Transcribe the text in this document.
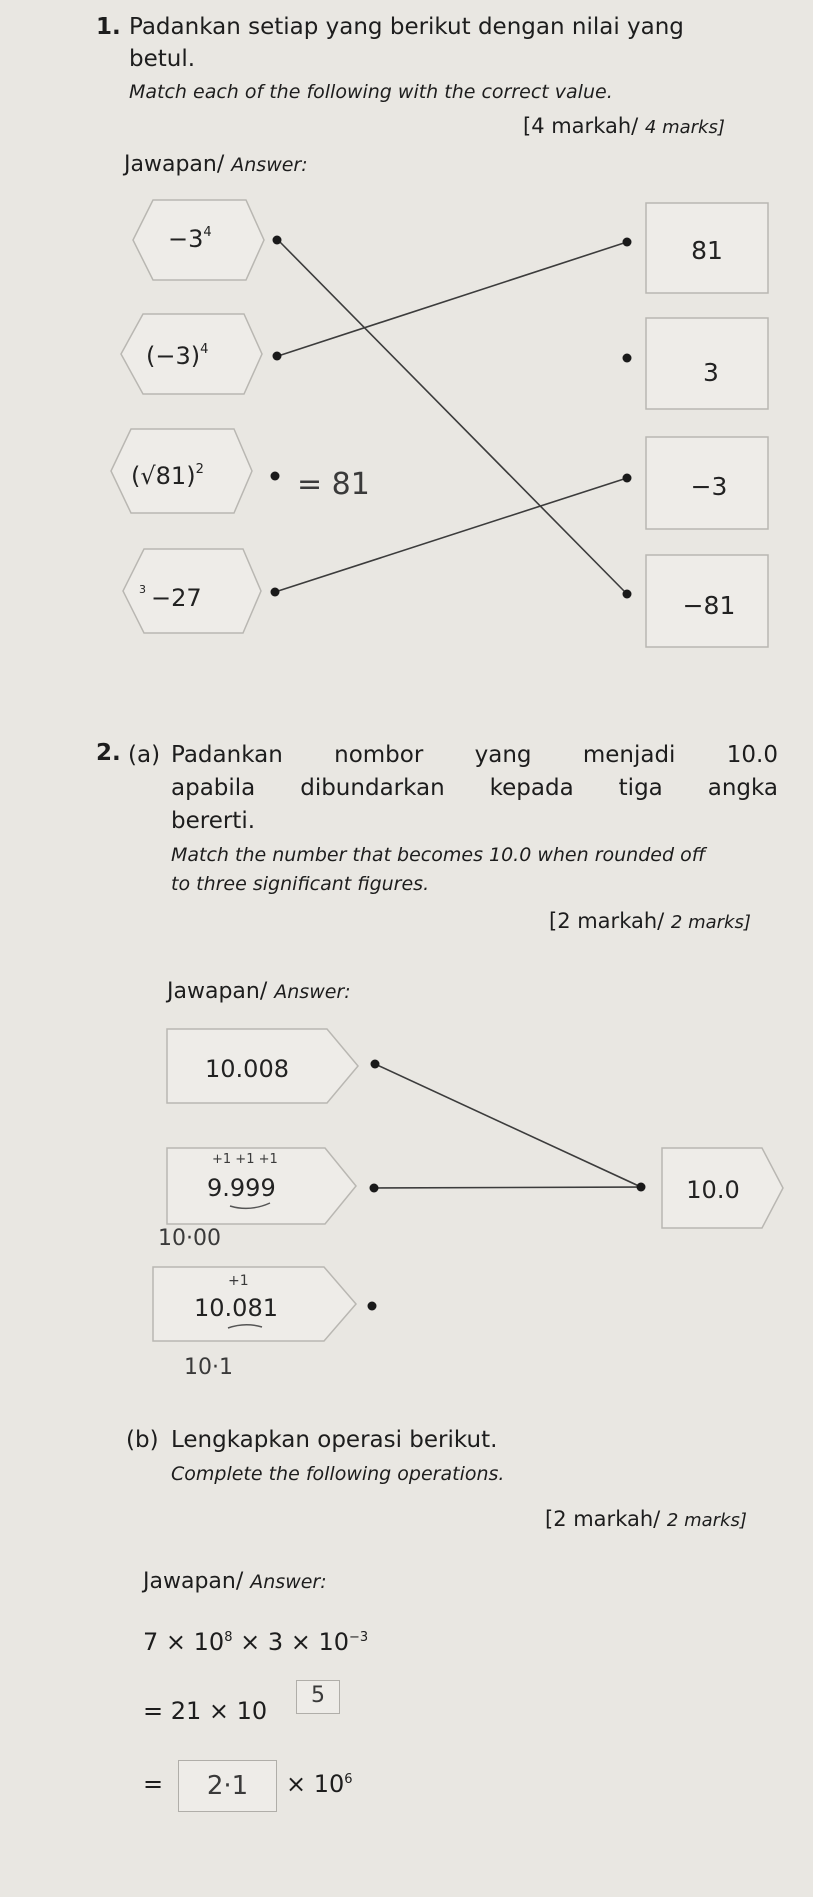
1. Padankan setiap yang berikut dengan nilai yang
betul.
Match each of the following with the correct value.
[4 markah/ 4 marks]
Jawapan/ Answer:
$-3^4$
$(-3)^4$
$(√81)^2$
3 −27
81
3
−3
−81
= 81
2. (a) Padankan nombor yang menjadi 10.0
apabila dibundarkan kepada tiga angka
bererti.
Match the number that becomes 10.0 when rounded off
to three significant figures.
[2 markah/ 2 marks]
Jawapan/ Answer:
10.008
9.999
10.081
10.0
+1 +1 +1
10·00
+1
10·1
(b) Lengkapkan operasi berikut.
Complete the following operations.
[2 markah/ 2 marks]
Jawapan/ Answer:
$7 \times 10^8 \times 3 \times 10^{-3}$
= 21 × 10
5
=	2·1	× $10^6$
